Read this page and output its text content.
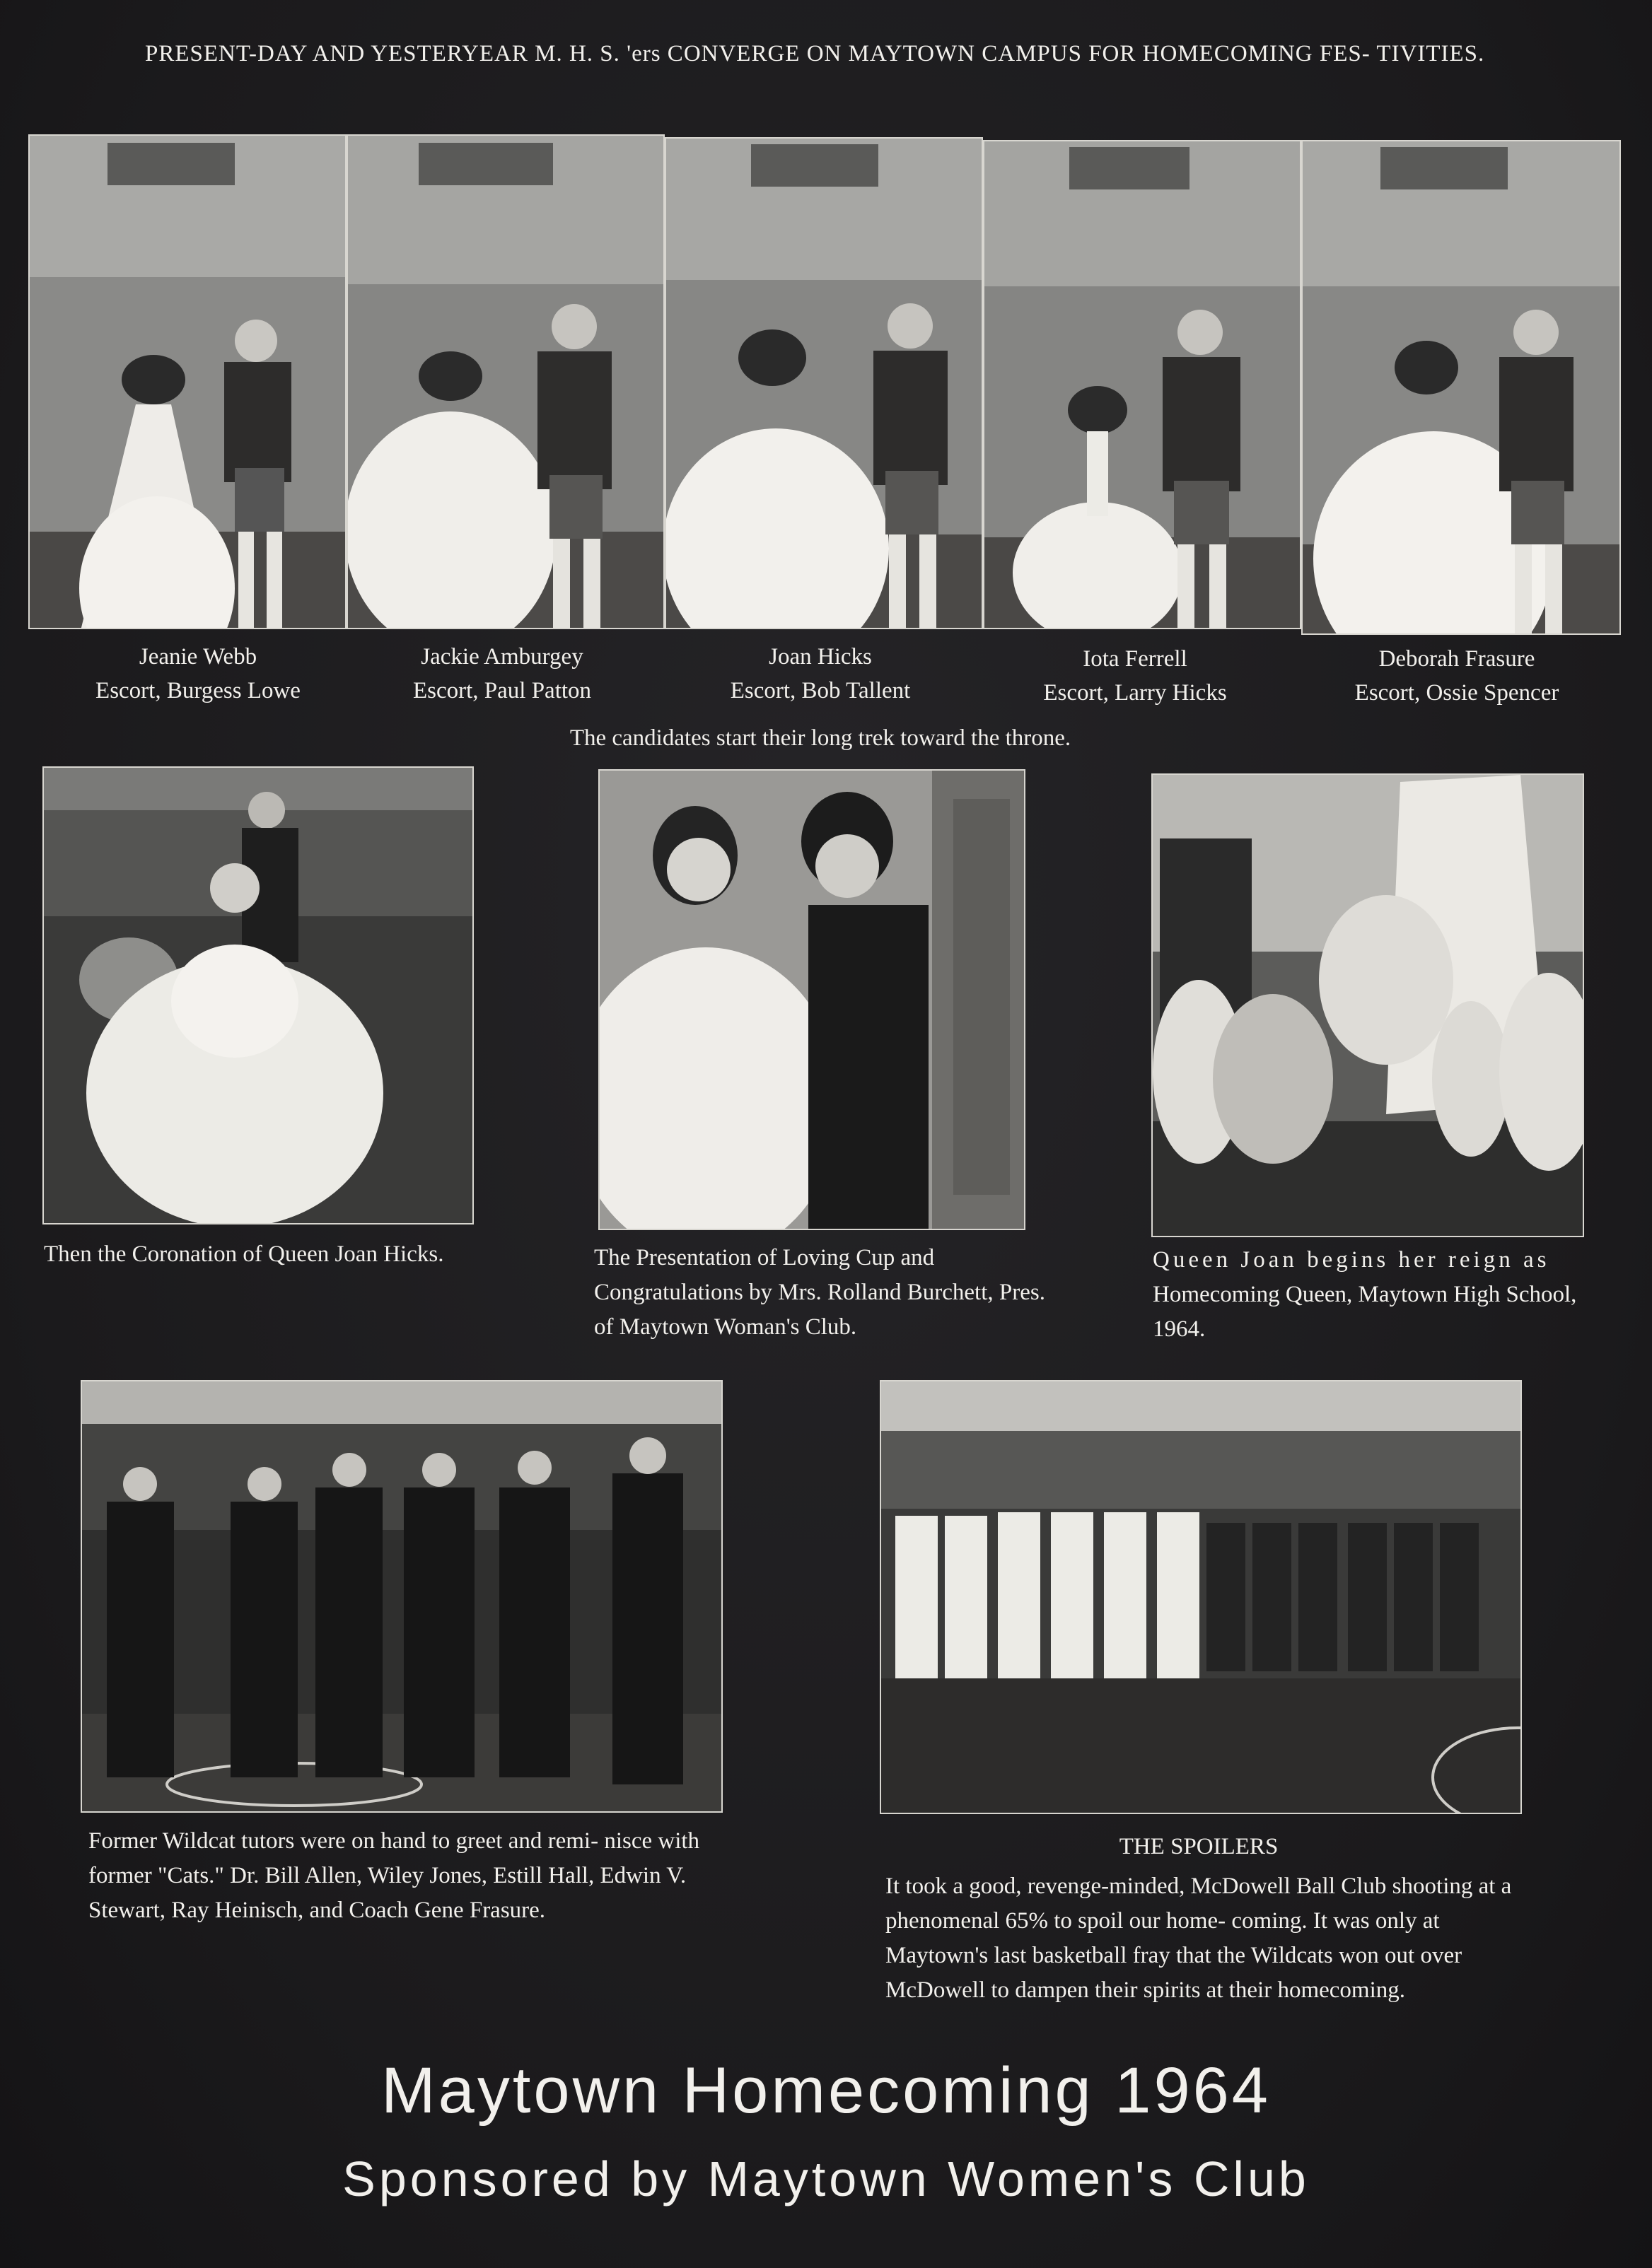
PRESENT-DAY AND YESTERYEAR M. H. S. 'ers CONVERGE ON MAYTOWN CAMPUS FOR HOMECOMING FES- TIVITIES.
Jeanie Webb
Escort, Burgess Lowe
Jackie Amburgey
Escort, Paul Patton
Joan Hicks
Escort, Bob Tallent
Iota Ferrell
Escort, Larry Hicks
Deborah Frasure
Escort, Ossie Spencer
The candidates start their long trek toward the throne.
Then the Coronation of Queen Joan Hicks.	The Presentation of Loving Cup and Congratulations by Mrs. Rolland Burchett, Pres. of Maytown Woman's Club.
Queen Joan begins her reign as Homecoming Queen, Maytown High School, 1964.
Former Wildcat tutors were on hand to greet and remi- nisce with former "Cats." Dr. Bill Allen, Wiley Jones, Estill Hall, Edwin V. Stewart, Ray Heinisch, and Coach Gene Frasure.
THE SPOILERS
It took a good, revenge-minded, McDowell Ball Club shooting at a phenomenal 65% to spoil our home- coming. It was only at Maytown's last basketball fray that the Wildcats won out over McDowell to dampen their spirits at their homecoming.
Maytown Homecoming 1964
Sponsored by Maytown Women's Club
